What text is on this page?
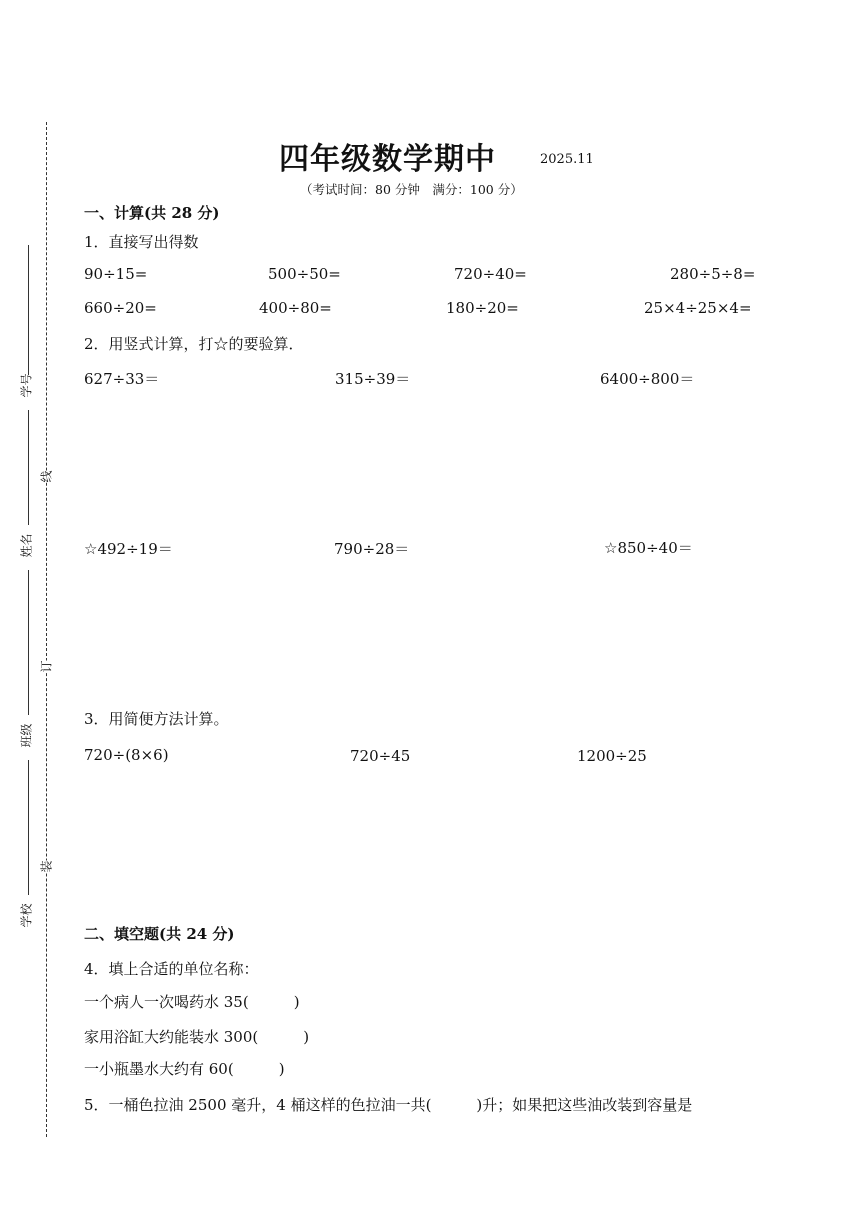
学号
姓名
班级
学校
线
订
装
四年级数学期中	2025.11
（考试时间：80 分钟　满分：100 分）
一、计算(共 28 分)
1．直接写出得数
90÷15=	500÷50=	720÷40=	280÷5÷8=
660÷20=	400÷80=	180÷20=	25×4÷25×4=
2．用竖式计算，打☆的要验算．
627÷33＝	315÷39＝	6400÷800＝
☆492÷19＝	790÷28＝	☆850÷40＝
3．用简便方法计算。
720÷(8×6)	720÷45	1200÷25
二、填空题(共 24 分)
4．填上合适的单位名称：
一个病人一次喝药水 35(　　　)
家用浴缸大约能装水 300(　　　)
一小瓶墨水大约有 60(　　　)
5．一桶色拉油 2500 毫升，4 桶这样的色拉油一共(　　　)升；如果把这些油改装到容量是
